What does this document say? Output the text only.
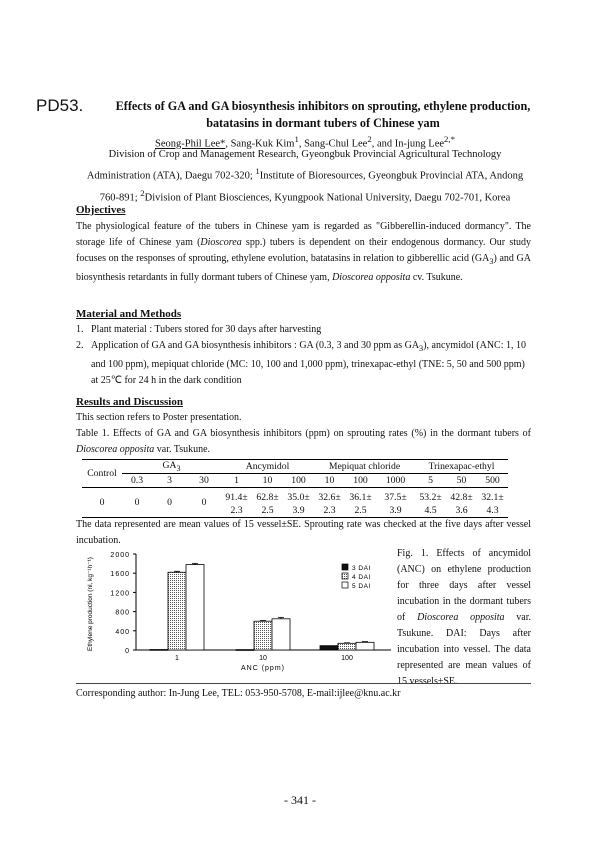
PD53.	Effects of GA and GA biosynthesis inhibitors on sprouting, ethylene production,
batatasins in dormant tubers of Chinese yam
Seong-Phil Lee*, Sang-Kuk Kim$^1$, Sang-Chul Lee$^2$, and In-jung Lee$^{2,*}$
Division of Crop and Management Research, Gyeongbuk Provincial Agricultural Technology
Administration (ATA), Daegu 702-320; $^1$Institute of Bioresources, Gyeongbuk Provincial ATA, Andong
760-891; $^2$Division of Plant Biosciences, Kyungpook National University, Daegu 702-701, Korea
Objectives
The physiological feature of the tubers in Chinese yam is regarded as "Gibberellin-induced dormancy". The storage life of Chinese yam (Dioscorea spp.) tubers is dependent on their endogenous dormancy. Our study focuses on the responses of sprouting, ethylene evolution, batatasins in relation to gibberellic acid $(GA_3)$ and GA biosynthesis retardants in fully dormant tubers of Chinese yam, Dioscorea opposita cv. Tsukune.
Material and Methods
1. Plant material : Tubers stored for 30 days after harvesting
2. Application of GA and GA biosynthesis inhibitors : GA (0.3, 3 and 30 ppm as $GA_3$), ancymidol (ANC: 1, 10 and 100 ppm), mepiquat chloride (MC: 10, 100 and 1,000 ppm), trinexapac-ethyl (TNE: 5, 50 and 500 ppm) at 25℃ for 24 h in the dark condition
Results and Discussion
This section refers to Poster presentation.
Table 1. Effects of GA and GA biosynthesis inhibitors (ppm) on sprouting rates (%) in the dormant tubers of Dioscorea opposita var. Tsukune.
Control	$GA_3$			Ancymidol			Mepiquat chloride			Trinexapac-ethyl		
	0.3	3	30	1	10	100	10	100	1000	5	50	500
0	0	0	0	91.4±	62.8±	35.0±	32.6±	36.1±	37.5±	53.2±	42.8±	32.1±
				2.3	2.5	3.9	2.3	2.5	3.9	4.5	3.6	4.3
The data represented are mean values of 15 vessel±SE. Sprouting rate was checked at the five days after vessel incubation.
0
400
800
1200
1600
2000
Ethylene production (nl, kg⁻¹h⁻¹)
ANC (ppm)
1	10	100
3 DAI
4 DAI
5 DAI
Fig. 1. Effects of ancymidol (ANC) on ethylene production for three days after vessel incubation in the dormant tubers of Dioscorea opposita var. Tsukune. DAI: Days after incubation into vessel. The data represented are mean values of 15 vessels±SE.
Corresponding author: In-Jung Lee, TEL: 053-950-5708, E-mail:ijlee@knu.ac.kr
- 341 -
